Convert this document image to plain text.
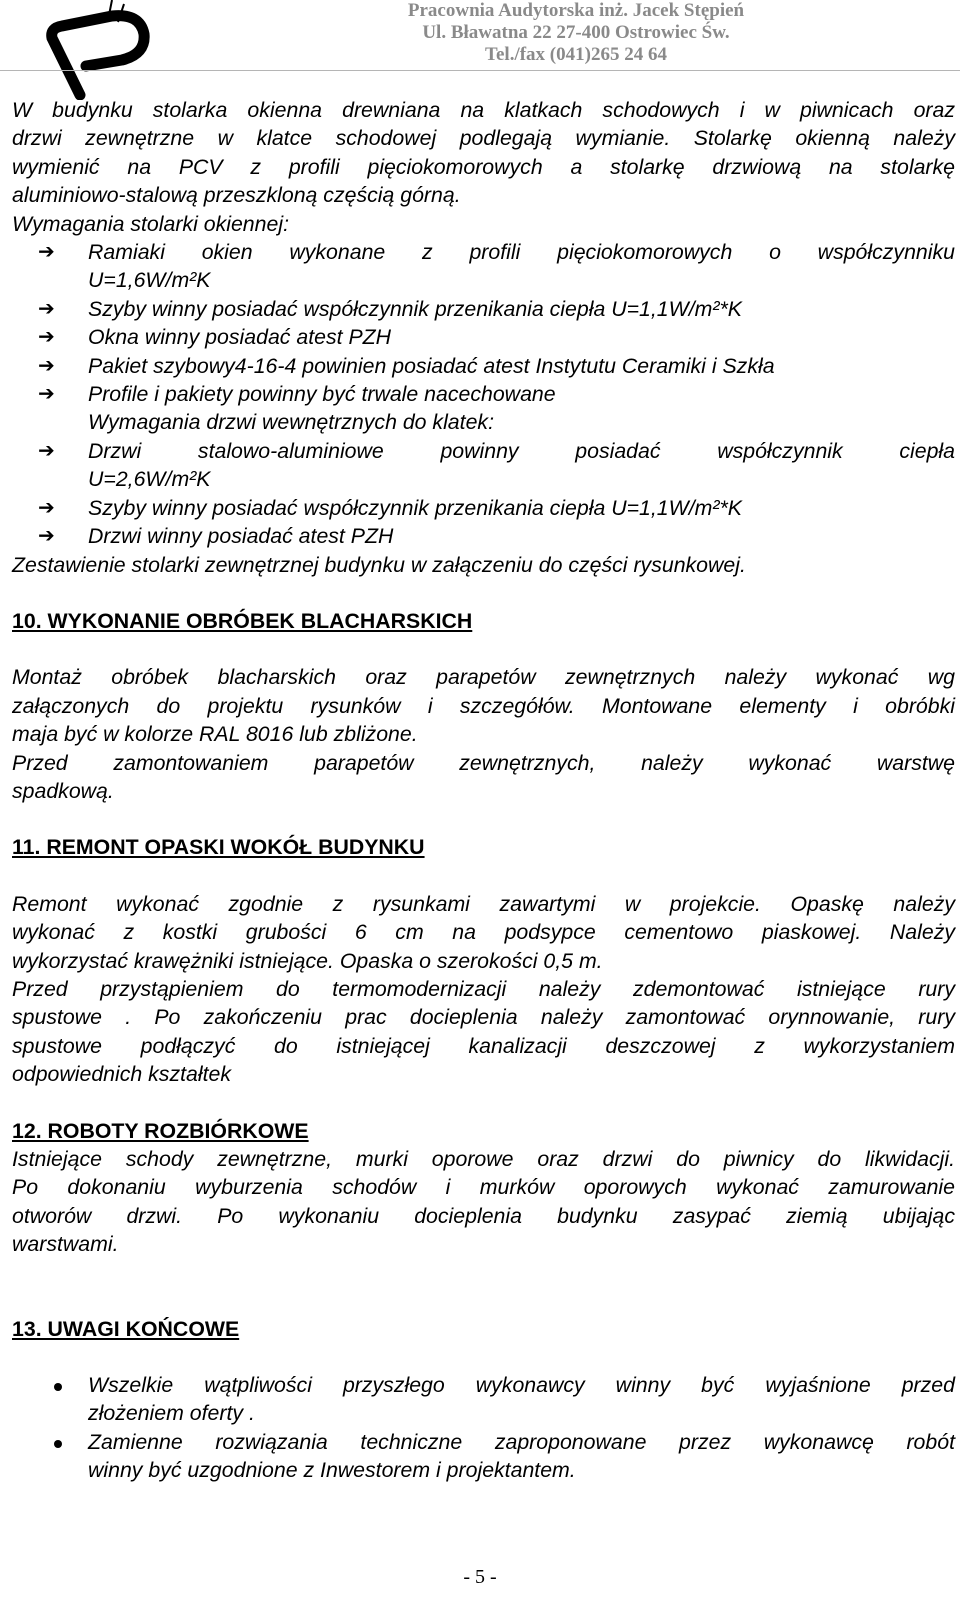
Pracownia Audytorska inż. Jacek Stępień
Ul. Bławatna 22 27-400 Ostrowiec Św.
Tel./fax (041)265 24 64
W budynku stolarka okienna drewniana na klatkach schodowych i w piwnicach oraz
drzwi zewnętrzne w klatce schodowej podlegają wymianie. Stolarkę okienną należy
wymienić na PCV z profili pięciokomorowych a stolarkę drzwiową na stolarkę
aluminiowo-stalową przeszkloną częścią górną.
Wymagania stolarki okiennej:
➔ Ramiaki okien wykonane z profili pięciokomorowych o współczynniku
U=1,6W/m²K
➔ Szyby winny posiadać współczynnik przenikania ciepła U=1,1W/m²*K
➔ Okna winny posiadać atest PZH
➔ Pakiet szybowy4-16-4 powinien posiadać atest Instytutu Ceramiki i Szkła
➔ Profile i pakiety powinny być trwale nacechowane
Wymagania drzwi wewnętrznych do klatek:
➔ Drzwi stalowo-aluminiowe powinny posiadać współczynnik ciepła
U=2,6W/m²K
➔ Szyby winny posiadać współczynnik przenikania ciepła U=1,1W/m²*K
➔ Drzwi winny posiadać atest PZH
Zestawienie stolarki zewnętrznej budynku w załączeniu do części rysunkowej.
10. WYKONANIE OBRÓBEK BLACHARSKICH
Montaż obróbek blacharskich oraz parapetów zewnętrznych należy wykonać wg
załączonych do projektu rysunków i szczegółów. Montowane elementy i obróbki
maja być w kolorze RAL 8016 lub zbliżone.
Przed zamontowaniem parapetów zewnętrznych, należy wykonać warstwę
spadkową.
11. REMONT OPASKI WOKÓŁ BUDYNKU
Remont wykonać zgodnie z rysunkami zawartymi w projekcie. Opaskę należy
wykonać z kostki grubości 6 cm na podsypce cementowo piaskowej. Należy
wykorzystać krawężniki istniejące. Opaska o szerokości 0,5 m.
Przed przystąpieniem do termomodernizacji należy zdemontować istniejące rury
spustowe . Po zakończeniu prac docieplenia należy zamontować orynnowanie, rury
spustowe podłączyć do istniejącej kanalizacji deszczowej z wykorzystaniem
odpowiednich kształtek
12. ROBOTY ROZBIÓRKOWE
Istniejące schody zewnętrzne, murki oporowe oraz drzwi do piwnicy do likwidacji.
Po dokonaniu wyburzenia schodów i murków oporowych wykonać zamurowanie
otworów drzwi. Po wykonaniu docieplenia budynku zasypać ziemią ubijając
warstwami.
13. UWAGI KOŃCOWE
Wszelkie wątpliwości przyszłego wykonawcy winny być wyjaśnione przed
złożeniem oferty .
Zamienne rozwiązania techniczne zaproponowane przez wykonawcę robót
winny być uzgodnione z Inwestorem i projektantem.
- 5 -
